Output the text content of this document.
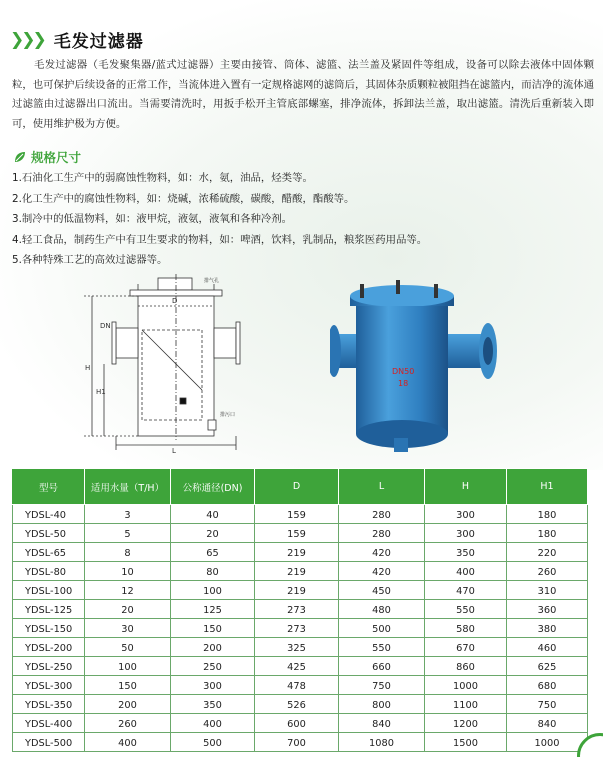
❯❯❯ 毛发过滤器

毛发过滤器（毛发聚集器/蓝式过滤器）主要由接管、筒体、滤篮、法兰盖及紧固件等组成，设备可以除去液体中固体颗粒，也可保护后续设备的正常工作，当流体进入置有一定规格滤网的滤筒后，其固体杂质颗粒被阻挡在滤篮内，而洁净的流体通过滤篮由过滤器出口流出。当需要清洗时，用扳手松开主管底部螺塞，排净流体，拆卸法兰盖，取出滤篮。清洗后重新装入即可，使用维护极为方便。

规格尺寸
1.石油化工生产中的弱腐蚀性物料，如：水，氨，油品，烃类等。
2.化工生产中的腐蚀性物料，如：烧碱，浓稀硫酸，碳酸，醋酸，酯酸等。
3.制冷中的低温物料，如：液甲烷，液氨，液氧和各种冷剂。
4.轻工食品，制药生产中有卫生要求的物料，如：啤酒，饮料，乳制品，粮浆医药用品等。
5.各种特殊工艺的高效过滤器等。
DN
D
H
H1
L
排气孔
排污口
DN50
18
型号	适用水量（T/H）	公称通径(DN)	D	L	H	H1
YDSL-40	3	40	159	280	300	180
YDSL-50	5	20	159	280	300	180
YDSL-65	8	65	219	420	350	220
YDSL-80	10	80	219	420	400	260
YDSL-100	12	100	219	450	470	310
YDSL-125	20	125	273	480	550	360
YDSL-150	30	150	273	500	580	380
YDSL-200	50	200	325	550	670	460
YDSL-250	100	250	425	660	860	625
YDSL-300	150	300	478	750	1000	680
YDSL-350	200	350	526	800	1100	750
YDSL-400	260	400	600	840	1200	840
YDSL-500	400	500	700	1080	1500	1000
